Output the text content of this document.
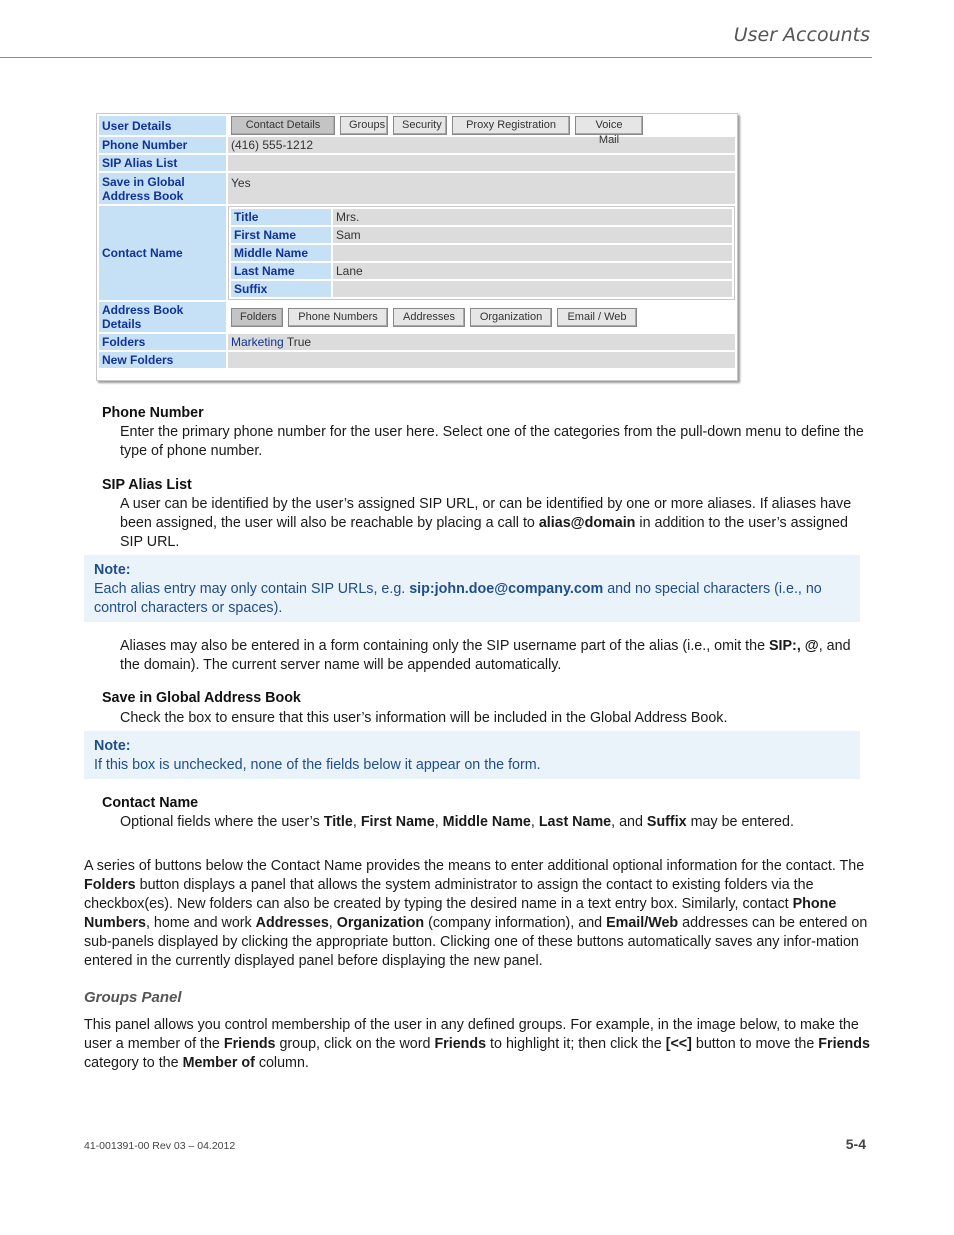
User Accounts
User Details	Contact Details	Groups	Security	Proxy Registration	Voice Mail

Phone Number	(416) 555-1212
SIP Alias List	
Save in Global Address Book	Yes
Contact Name	
Title	Mrs.
First Name	Sam
Middle Name	
Last Name	Lane
Suffix	

Address Book Details	
Folders	Phone Numbers	Addresses	Organization	Email / Web

Folders	Marketing True
New Folders	
Phone Number
Enter the primary phone number for the user here. Select one of the categories from the pull-down menu to define the type of phone number.
SIP Alias List
A user can be identified by the user’s assigned SIP URL, or can be identified by one or more aliases. If aliases have been assigned, the user will also be reachable by placing a call to alias@domain in addition to the user’s assigned SIP URL.
Note:
Each alias entry may only contain SIP URLs, e.g. sip:john.doe@company.com and no special characters (i.e., no control characters or spaces).
Aliases may also be entered in a form containing only the SIP username part of the alias (i.e., omit the SIP:, @, and the domain). The current server name will be appended automatically.
Save in Global Address Book
Check the box to ensure that this user’s information will be included in the Global Address Book.
Note:
If this box is unchecked, none of the fields below it appear on the form.
Contact Name
Optional fields where the user’s Title, First Name, Middle Name, Last Name, and Suffix may be entered.
A series of buttons below the Contact Name provides the means to enter additional optional information for the contact. The Folders button displays a panel that allows the system administrator to assign the contact to existing folders via the checkbox(es). New folders can also be created by typing the desired name in a text entry box. Similarly, contact Phone Numbers, home and work Addresses, Organization (company information), and Email/Web addresses can be entered on sub-panels displayed by clicking the appropriate button. Clicking one of these buttons automatically saves any infor-mation entered in the currently displayed panel before displaying the new panel.
Groups Panel
This panel allows you control membership of the user in any defined groups. For example, in the image below, to make the user a member of the Friends group, click on the word Friends to highlight it; then click the [<<] button to move the Friends category to the Member of column.
41-001391-00 Rev 03 – 04.2012	5-4
